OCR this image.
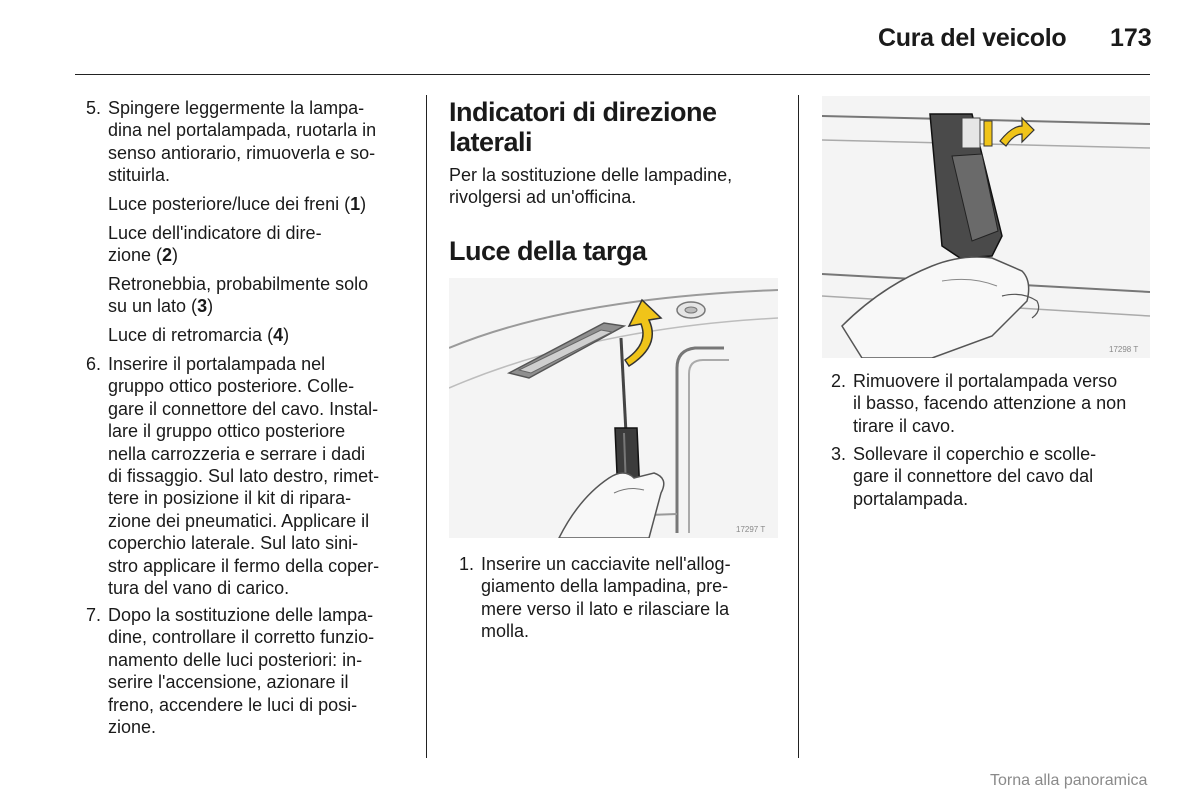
Cura del veicolo 173
5. Spingere leggermente la lampa-
dina nel portalampada, ruotarla in
senso antiorario, rimuoverla e so-
stituirla.
Luce posteriore/luce dei freni (1)
Luce dell'indicatore di dire-
zione (2)
Retronebbia, probabilmente solo
su un lato (3)
Luce di retromarcia (4)
6. Inserire il portalampada nel
gruppo ottico posteriore. Colle-
gare il connettore del cavo. Instal-
lare il gruppo ottico posteriore
nella carrozzeria e serrare i dadi
di fissaggio. Sul lato destro, rimet-
tere in posizione il kit di ripara-
zione dei pneumatici. Applicare il
coperchio laterale. Sul lato sini-
stro applicare il fermo della coper-
tura del vano di carico.
7. Dopo la sostituzione delle lampa-
dine, controllare il corretto funzio-
namento delle luci posteriori: in-
serire l'accensione, azionare il
freno, accendere le luci di posi-
zione.
Indicatori di direzione
laterali
Per la sostituzione delle lampadine,
rivolgersi ad un'officina.
Luce della targa
17297 T
1. Inserire un cacciavite nell'allog-
giamento della lampadina, pre-
mere verso il lato e rilasciare la
molla.
17298 T
2. Rimuovere il portalampada verso
il basso, facendo attenzione a non
tirare il cavo.
3. Sollevare il coperchio e scolle-
gare il connettore del cavo dal
portalampada.
Torna alla panoramica
